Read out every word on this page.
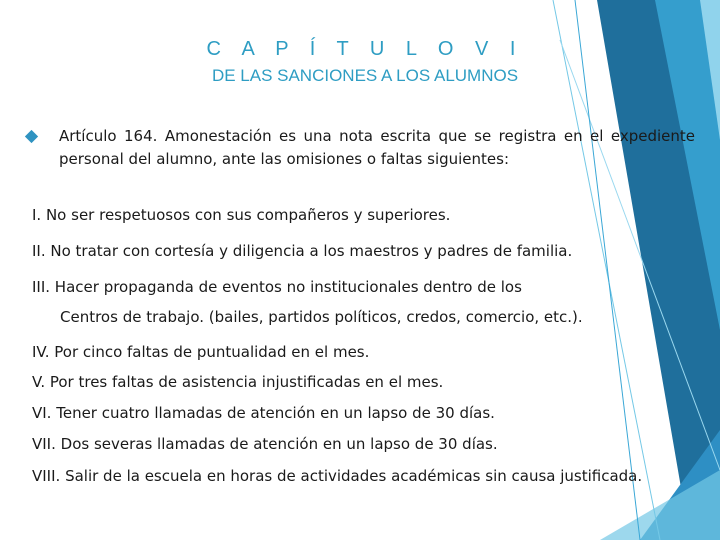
C A P Í T U L O V I
DE LAS SANCIONES A LOS ALUMNOS

Artículo 164. Amonestación es una nota escrita que se registra en el expediente personal del alumno, ante las omisiones o faltas siguientes:

I. No ser respetuosos con sus compañeros y superiores.
II. No tratar con cortesía y diligencia a los maestros y padres de familia.
III. Hacer propaganda de eventos no institucionales dentro de los
Centros de trabajo. (bailes, partidos políticos, credos, comercio, etc.).
IV. Por cinco faltas de puntualidad en el mes.
V. Por tres faltas de asistencia injustificadas en el mes.
VI. Tener cuatro llamadas de atención en un lapso de 30 días.
VII. Dos severas llamadas de atención en un lapso de 30 días.
VIII. Salir de la escuela en horas de actividades académicas sin causa justificada.
